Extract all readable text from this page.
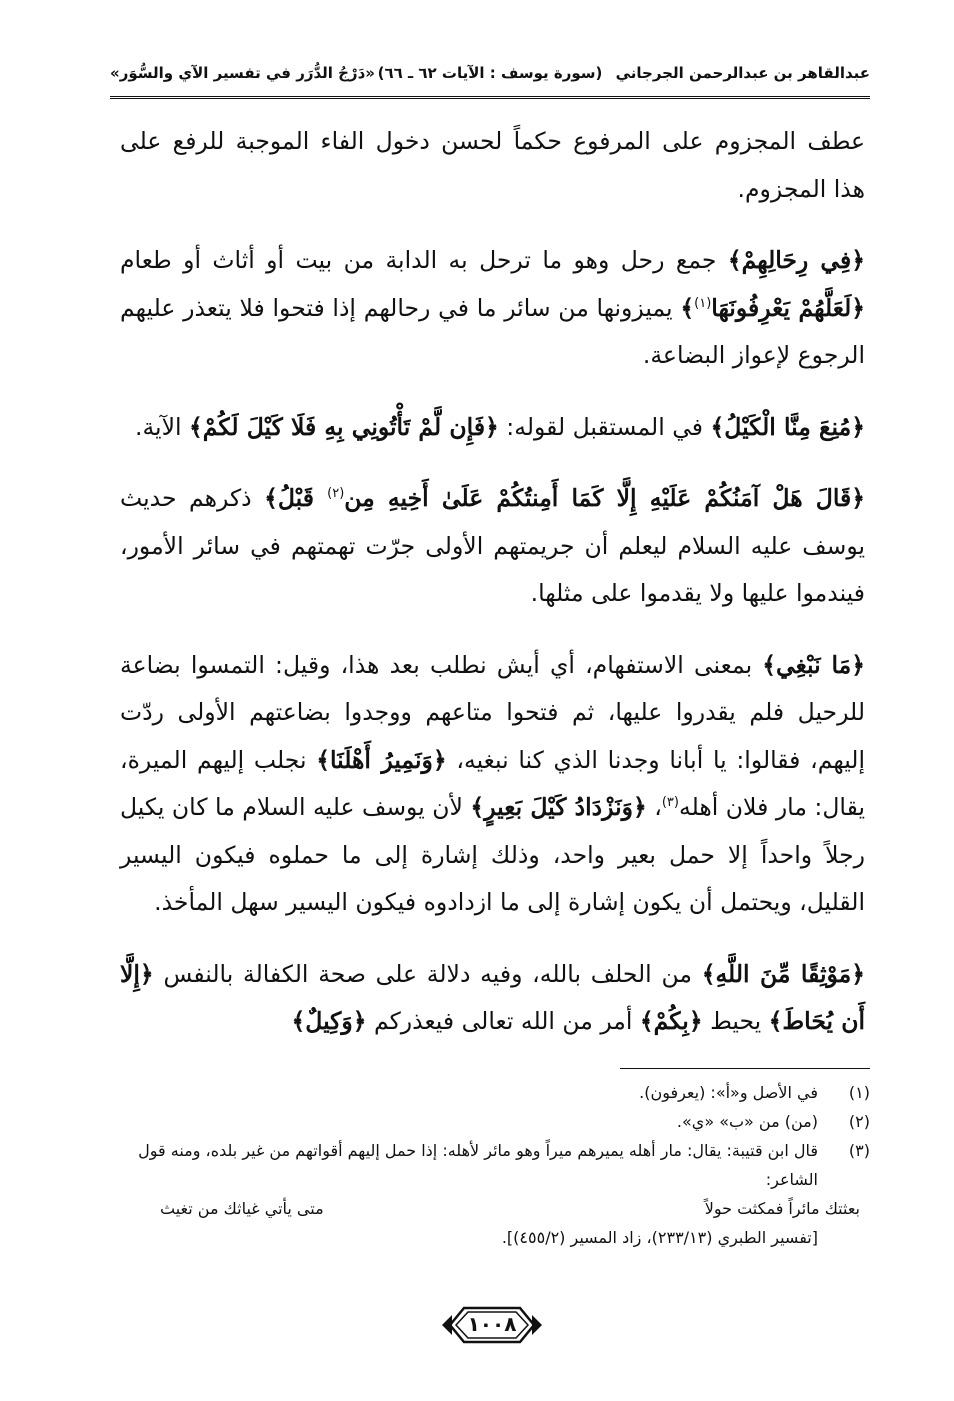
عبدالقاهر بن عبدالرحمن الجرجاني
(سورة يوسف : الآيات ٦٢ ـ ٦٦)
«دَرْجُ الدُّرَر في تفسير الآي والسُّوَر»

عطف المجزوم على المرفوع حكماً لحسن دخول الفاء الموجبة للرفع على هذا المجزوم.

﴿فِي رِحَالِهِمْ﴾ جمع رحل وهو ما ترحل به الدابة من بيت أو أثاث أو طعام ﴿لَعَلَّهُمْ يَعْرِفُونَهَا$^{(١)}$﴾ يميزونها من سائر ما في رحالهم إذا فتحوا فلا يتعذر عليهم الرجوع لإعواز البضاعة.

﴿مُنِعَ مِنَّا الْكَيْلُ﴾ في المستقبل لقوله: ﴿فَإِن لَّمْ تَأْتُونِي بِهِ فَلَا كَيْلَ لَكُمْ﴾ الآية.

﴿قَالَ هَلْ آمَنُكُمْ عَلَيْهِ إِلَّا كَمَا أَمِنتُكُمْ عَلَىٰ أَخِيهِ مِن$^{(٢)}$ قَبْلُ﴾ ذكرهم حديث يوسف عليه السلام ليعلم أن جريمتهم الأولى جرّت تهمتهم في سائر الأمور، فيندموا عليها ولا يقدموا على مثلها.

﴿مَا نَبْغِي﴾ بمعنى الاستفهام، أي أيش نطلب بعد هذا، وقيل: التمسوا بضاعة للرحيل فلم يقدروا عليها، ثم فتحوا متاعهم ووجدوا بضاعتهم الأولى ردّت إليهم، فقالوا: يا أبانا وجدنا الذي كنا نبغيه، ﴿وَنَمِيرُ أَهْلَنَا﴾ نجلب إليهم الميرة، يقال: مار فلان أهله$^{(٣)}$، ﴿وَنَزْدَادُ كَيْلَ بَعِيرٍ﴾ لأن يوسف عليه السلام ما كان يكيل رجلاً واحداً إلا حمل بعير واحد، وذلك إشارة إلى ما حملوه فيكون اليسير القليل، ويحتمل أن يكون إشارة إلى ما ازدادوه فيكون اليسير سهل المأخذ.

﴿مَوْثِقًا مِّنَ اللَّهِ﴾ من الحلف بالله، وفيه دلالة على صحة الكفالة بالنفس ﴿إِلَّا أَن يُحَاطَ﴾ يحيط ﴿بِكُمْ﴾ أمر من الله تعالى فيعذركم ﴿وَكِيلٌ﴾

(١)
في الأصل و«أ»: (يعرفون).
(٢)
(من) من «ب» «ي».
(٣)
قال ابن قتيبة: يقال: مار أهله يميرهم ميراً وهو مائر لأهله: إذا حمل إليهم أقواتهم من غير بلده، ومنه قول الشاعر:
بعثتك مائراً فمكثت حولاً
متى يأتي غياثك من تغيث
[تفسير الطبري (٢٣٣/١٣)، زاد المسير (٤٥٥/٢)].
١٠٠٨
